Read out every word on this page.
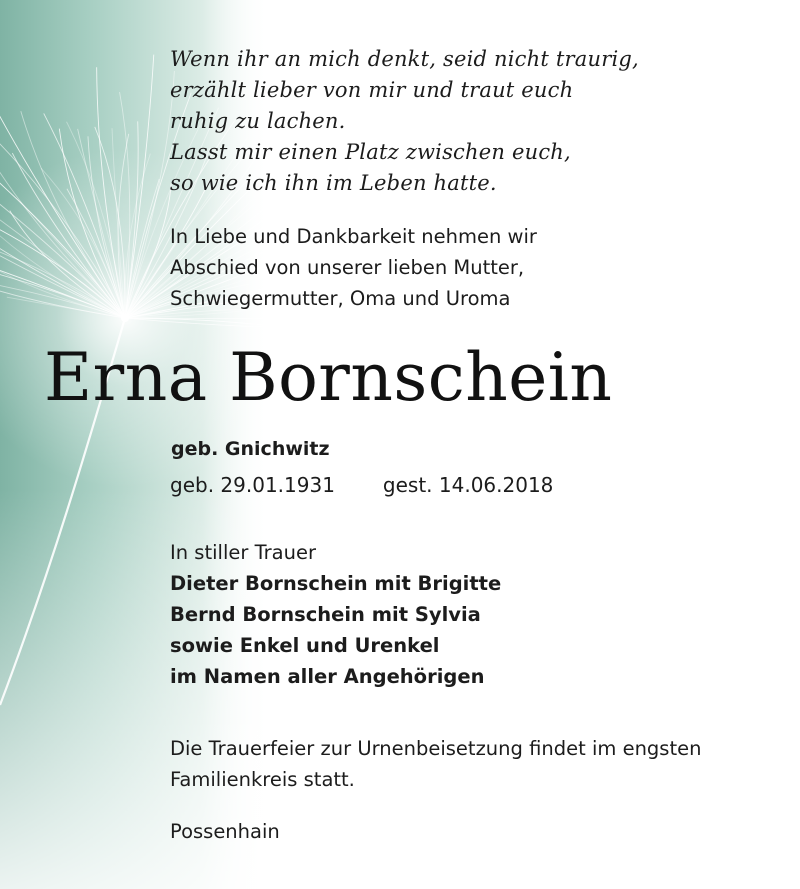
Wenn ihr an mich denkt, seid nicht traurig,
erzählt lieber von mir und traut euch
ruhig zu lachen.
Lasst mir einen Platz zwischen euch,
so wie ich ihn im Leben hatte.
In Liebe und Dankbarkeit nehmen wir
Abschied von unserer lieben Mutter,
Schwiegermutter, Oma und Uroma
Erna Bornschein
geb. Gnichwitz
geb. 29.01.1931 gest. 14.06.2018
In stiller Trauer
Dieter Bornschein mit Brigitte
Bernd Bornschein mit Sylvia
sowie Enkel und Urenkel
im Namen aller Angehörigen
Die Trauerfeier zur Urnenbeisetzung findet im engsten
Familienkreis statt.
Possenhain
